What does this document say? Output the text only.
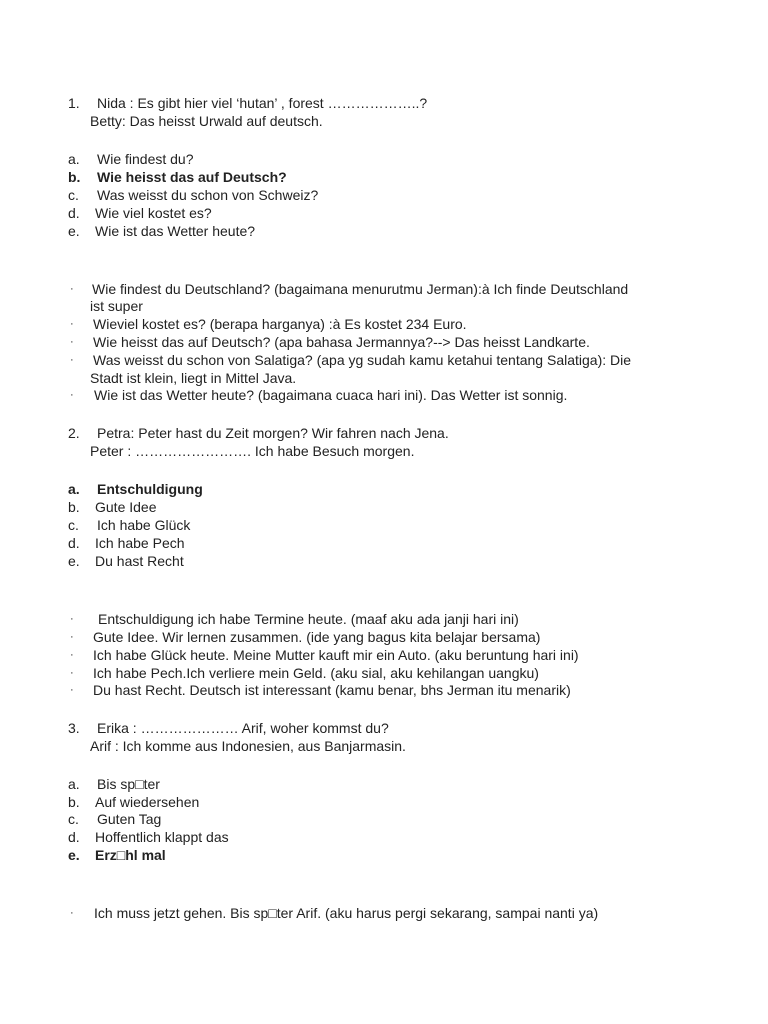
1. Nida : Es gibt hier viel ‘hutan’ , forest ………………..?
Betty: Das heisst Urwald auf deutsch.
a. Wie findest du?
b. Wie heisst das auf Deutsch?
c. Was weisst du schon von Schweiz?
d. Wie viel kostet es?
e. Wie ist das Wetter heute?
· Wie findest du Deutschland? (bagaimana menurutmu Jerman):à Ich finde Deutschland
ist super
· Wieviel kostet es? (berapa harganya) :à Es kostet 234 Euro.
· Wie heisst das auf Deutsch? (apa bahasa Jermannya?--> Das heisst Landkarte.
· Was weisst du schon von Salatiga? (apa yg sudah kamu ketahui tentang Salatiga): Die
Stadt ist klein, liegt in Mittel Java.
· Wie ist das Wetter heute? (bagaimana cuaca hari ini). Das Wetter ist sonnig.
2. Petra: Peter hast du Zeit morgen? Wir fahren nach Jena.
Peter : ……………………. Ich habe Besuch morgen.
a. Entschuldigung
b. Gute Idee
c. Ich habe Glück
d. Ich habe Pech
e. Du hast Recht
· Entschuldigung ich habe Termine heute. (maaf aku ada janji hari ini)
· Gute Idee. Wir lernen zusammen. (ide yang bagus kita belajar bersama)
· Ich habe Glück heute. Meine Mutter kauft mir ein Auto. (aku beruntung hari ini)
· Ich habe Pech.Ich verliere mein Geld. (aku sial, aku kehilangan uangku)
· Du hast Recht. Deutsch ist interessant (kamu benar, bhs Jerman itu menarik)
3. Erika : ………………… Arif, woher kommst du?
Arif : Ich komme aus Indonesien, aus Banjarmasin.
a. Bis sp□ter
b. Auf wiedersehen
c. Guten Tag
d. Hoffentlich klappt das
e. Erz□hl mal
· Ich muss jetzt gehen. Bis sp□ter Arif. (aku harus pergi sekarang, sampai nanti ya)
